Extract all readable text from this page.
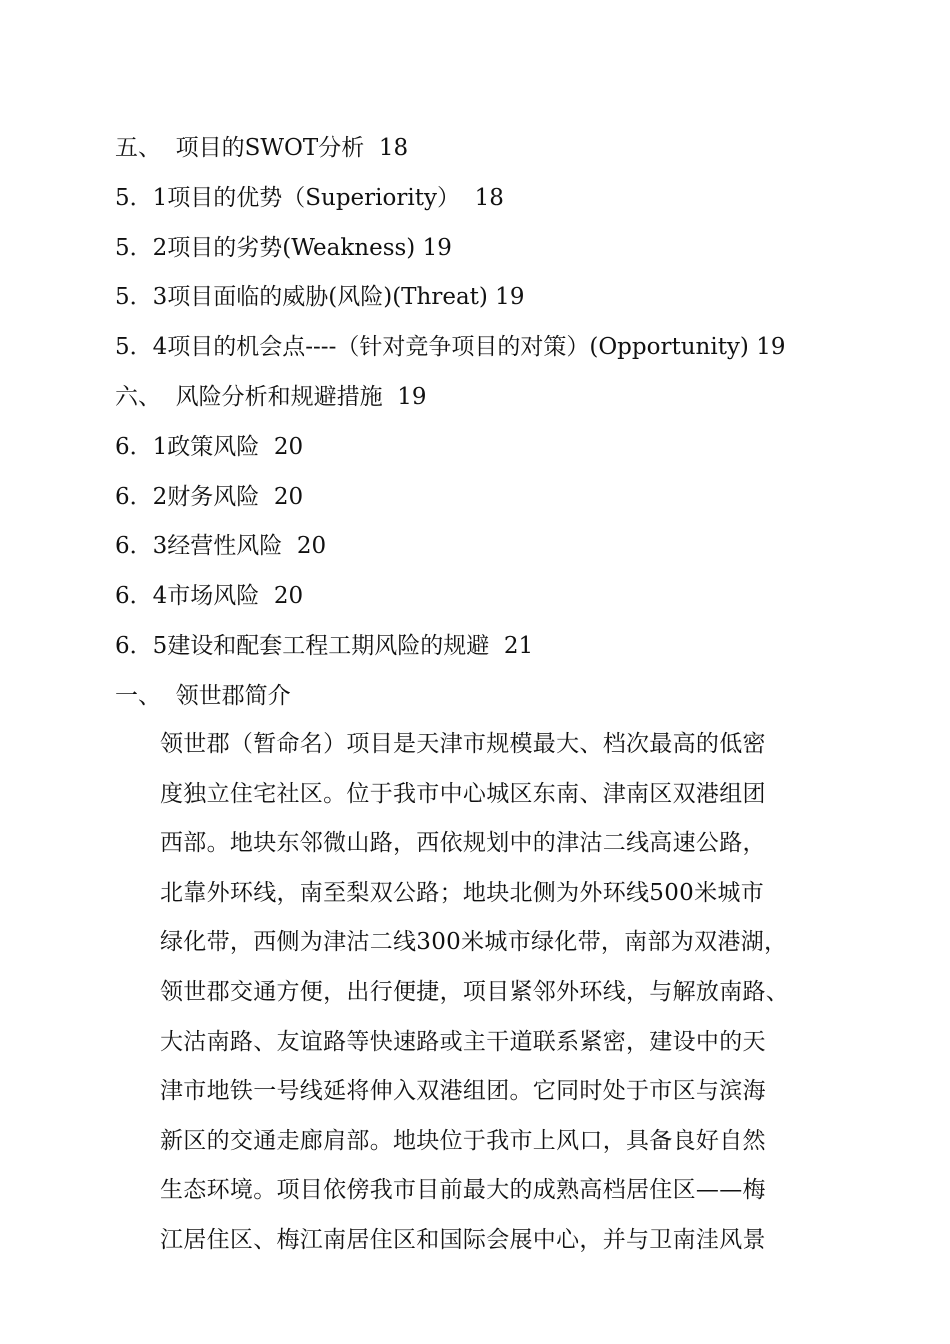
五、  项目的SWOT分析  18
5．1项目的优势（Superiority）  18
5．2项目的劣势(Weakness) 19
5．3项目面临的威胁(风险)(Threat) 19
5．4项目的机会点----（针对竞争项目的对策）(Opportunity) 19
六、  风险分析和规避措施  19
6．1政策风险  20
6．2财务风险  20
6．3经营性风险  20
6．4市场风险  20
6．5建设和配套工程工期风险的规避  21
一、  领世郡简介
领世郡（暂命名）项目是天津市规模最大、档次最高的低密
度独立住宅社区。位于我市中心城区东南、津南区双港组团
西部。地块东邻微山路，西依规划中的津沽二线高速公路，
北靠外环线，南至梨双公路；地块北侧为外环线500米城市
绿化带，西侧为津沽二线300米城市绿化带，南部为双港湖，
领世郡交通方便，出行便捷，项目紧邻外环线，与解放南路、
大沽南路、友谊路等快速路或主干道联系紧密，建设中的天
津市地铁一号线延将伸入双港组团。它同时处于市区与滨海
新区的交通走廊肩部。地块位于我市上风口，具备良好自然
生态环境。项目依傍我市目前最大的成熟高档居住区——梅
江居住区、梅江南居住区和国际会展中心，并与卫南洼风景
